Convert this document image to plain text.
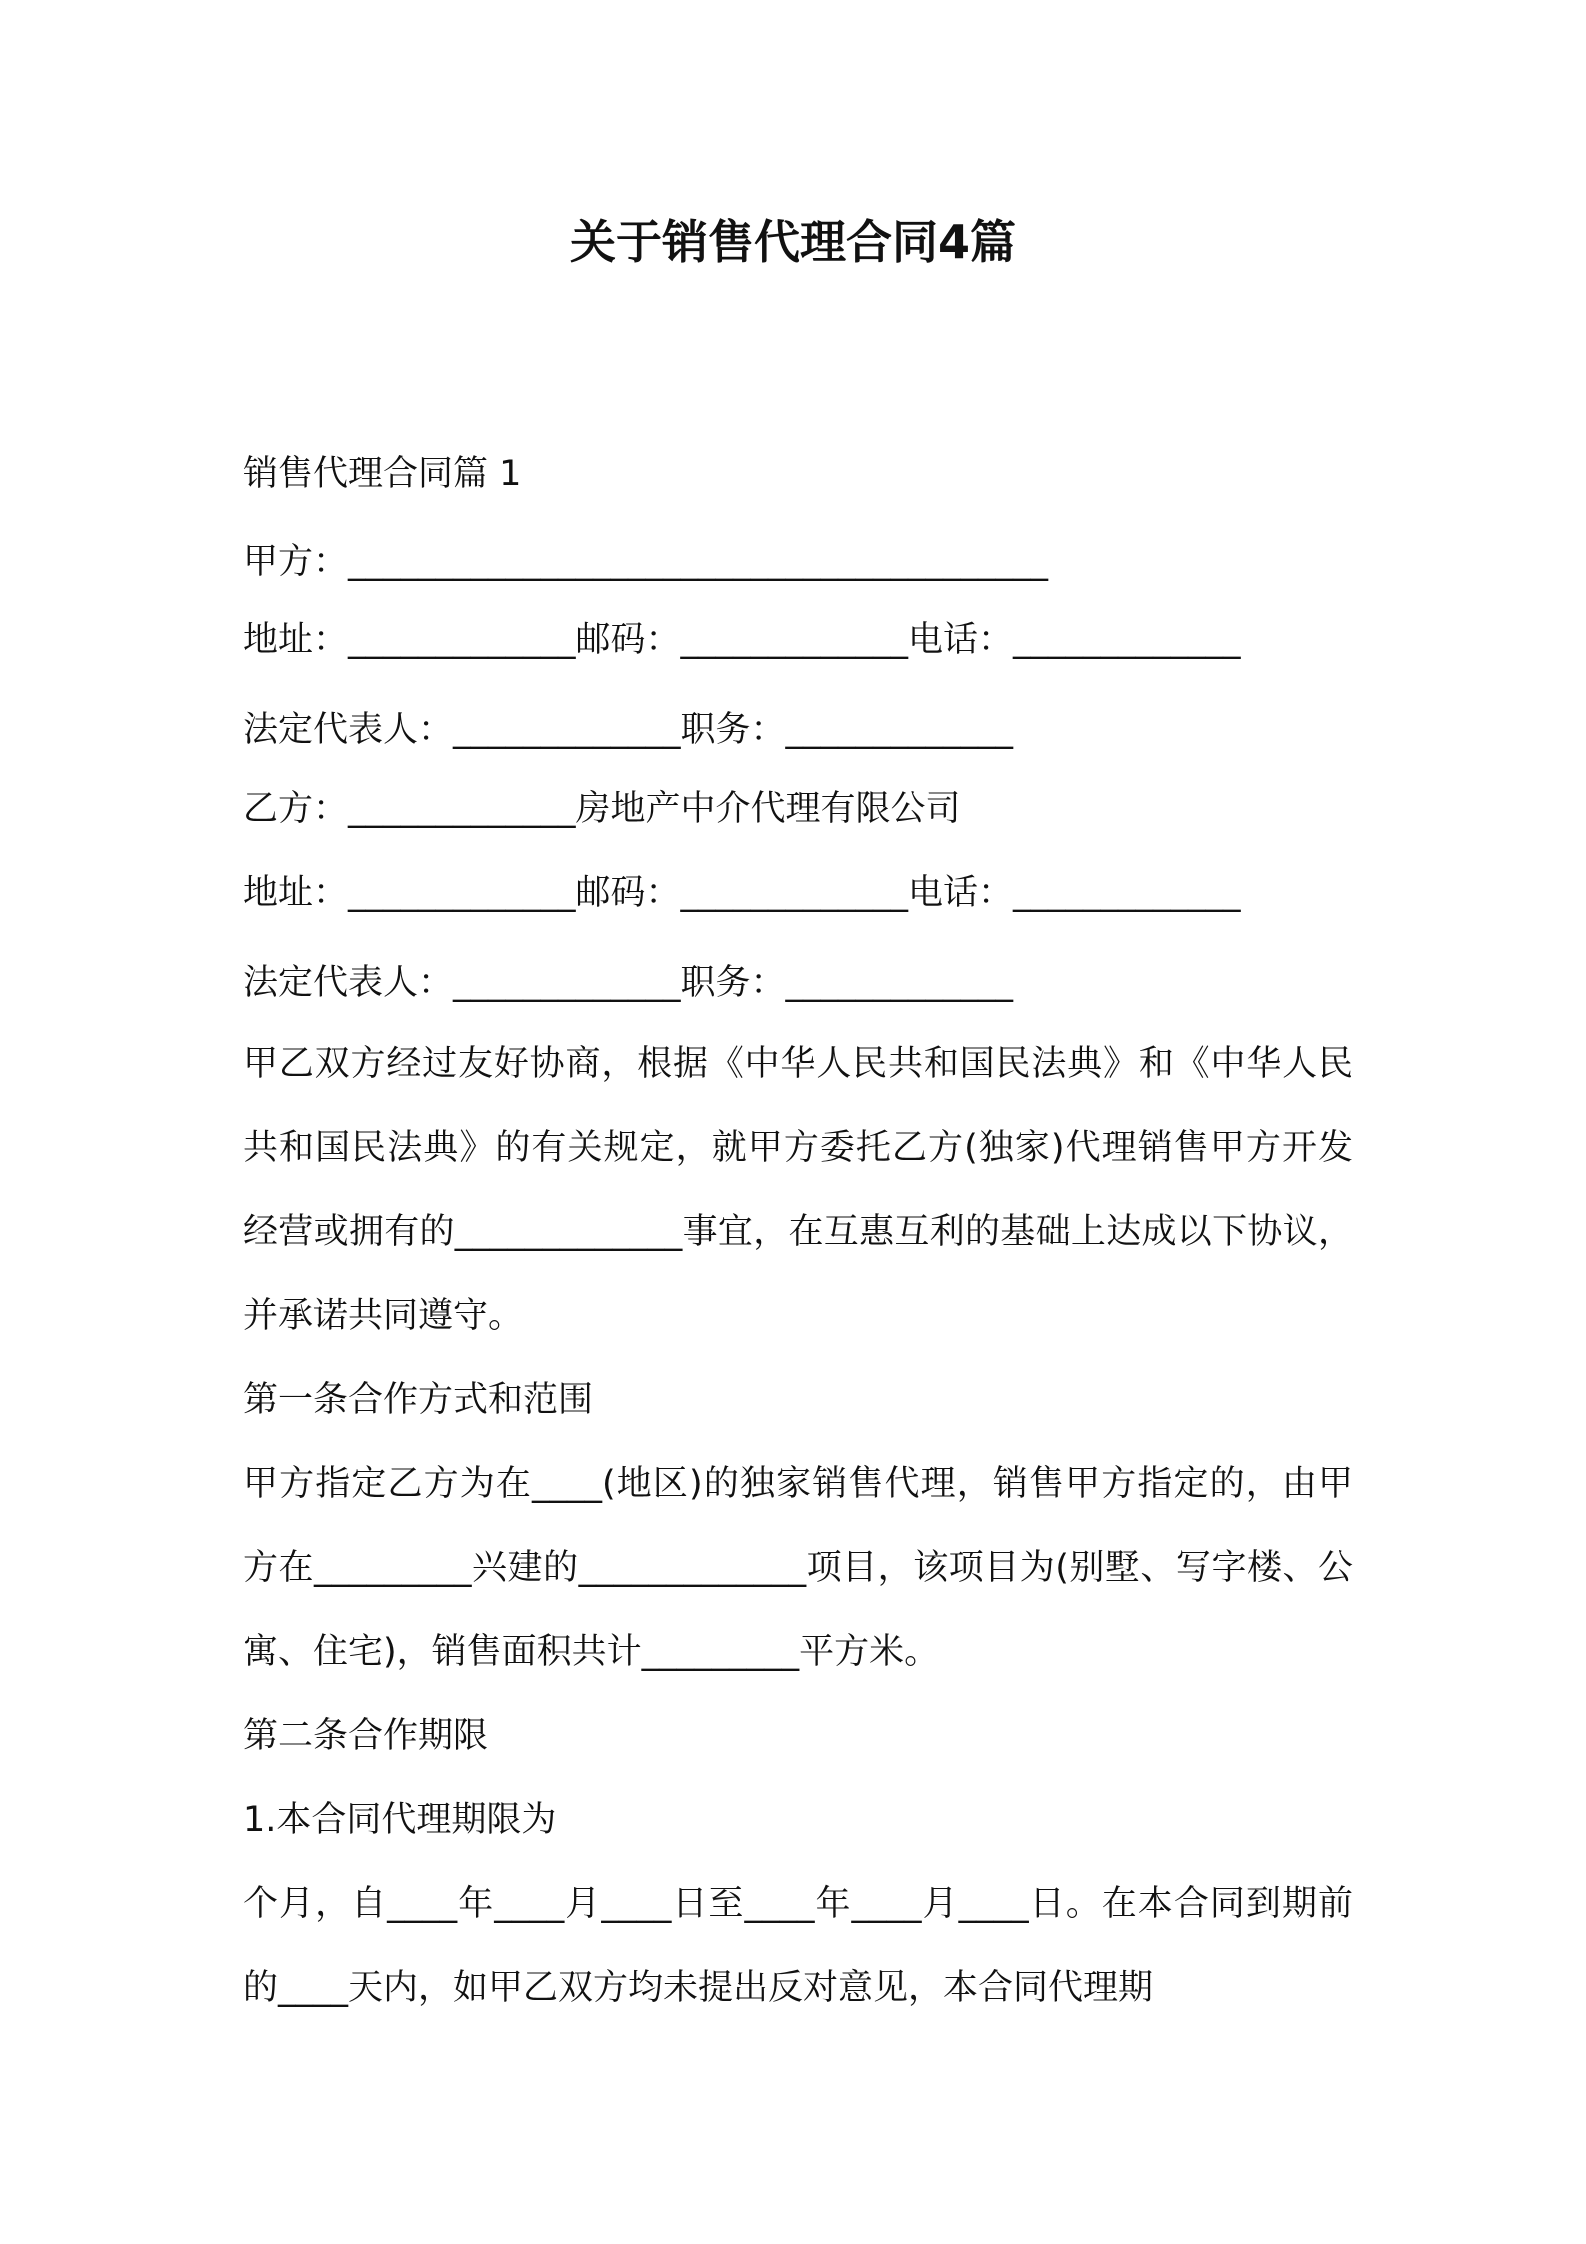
关于销售代理合同4篇

销售代理合同篇 1

甲方：________________________________________

地址：_____________邮码：_____________电话：_____________

法定代表人：_____________职务：_____________

乙方：_____________房地产中介代理有限公司

地址：_____________邮码：_____________电话：_____________

法定代表人：_____________职务：_____________

甲乙双方经过友好协商，根据《中华人民共和国民法典》和《中华人民共和国民法典》的有关规定，就甲方委托乙方(独家)代理销售甲方开发经营或拥有的_____________事宜，在互惠互利的基础上达成以下协议，并承诺共同遵守。

第一条合作方式和范围

甲方指定乙方为在____(地区)的独家销售代理，销售甲方指定的，由甲方在_________兴建的_____________项目，该项目为(别墅、写字楼、公寓、住宅)，销售面积共计_________平方米。

第二条合作期限

1.本合同代理期限为

个月，自____年____月____日至____年____月____日。在本合同到期前的____天内，如甲乙双方均未提出反对意见，本合同代理期
